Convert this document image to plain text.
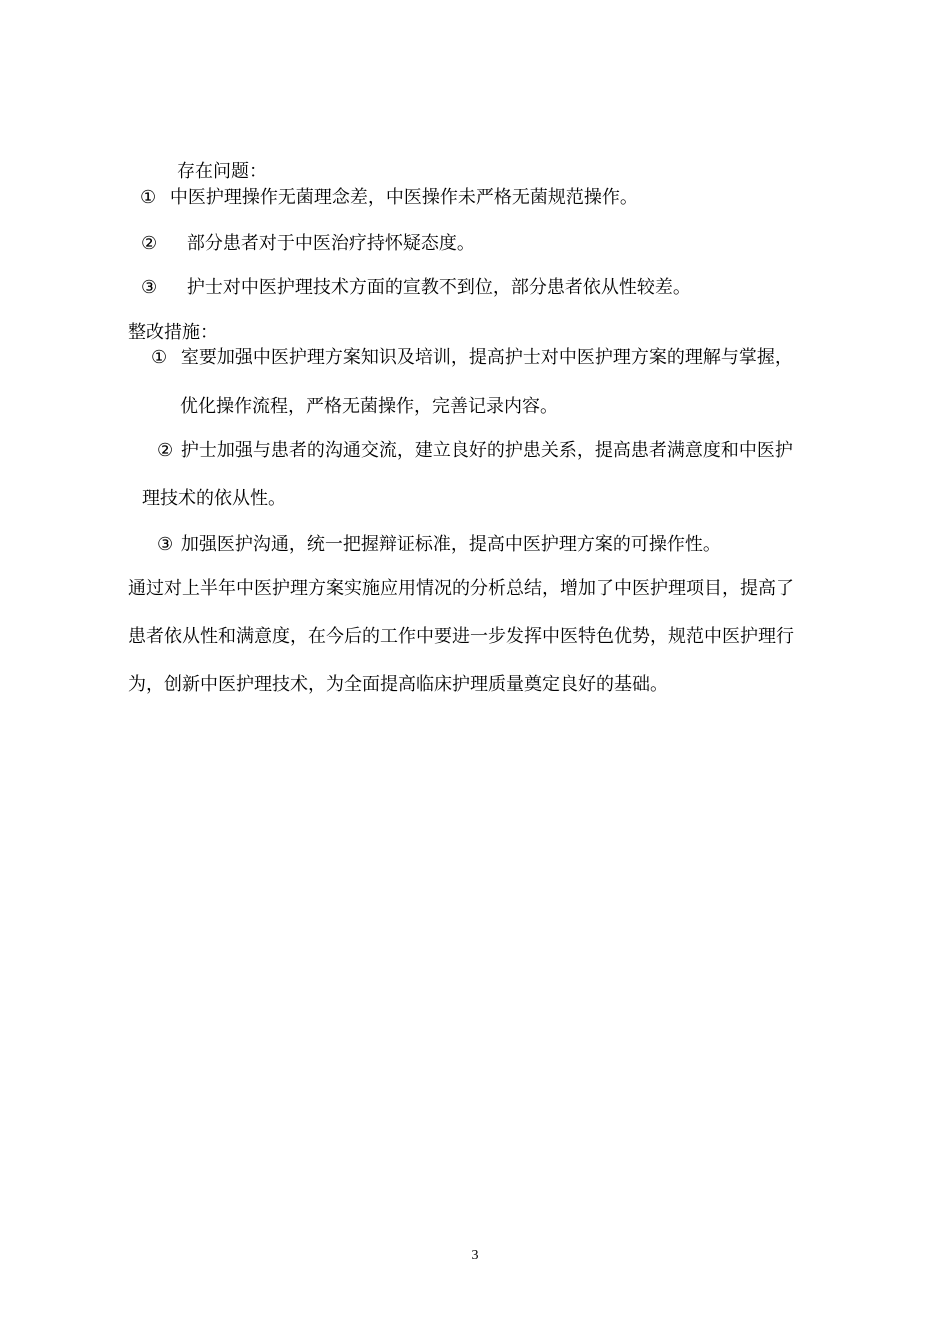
存在问题：
① 中医护理操作无菌理念差，中医操作未严格无菌规范操作。
② 部分患者对于中医治疗持怀疑态度。
③ 护士对中医护理技术方面的宣教不到位，部分患者依从性较差。
整改措施：
① 室要加强中医护理方案知识及培训，提高护士对中医护理方案的理解与掌握，
优化操作流程，严格无菌操作，完善记录内容。
② 护士加强与患者的沟通交流，建立良好的护患关系，提高患者满意度和中医护
理技术的依从性。
③ 加强医护沟通，统一把握辩证标准，提高中医护理方案的可操作性。
通过对上半年中医护理方案实施应用情况的分析总结，增加了中医护理项目，提高了
患者依从性和满意度，在今后的工作中要进一步发挥中医特色优势，规范中医护理行
为，创新中医护理技术，为全面提高临床护理质量奠定良好的基础。
3
